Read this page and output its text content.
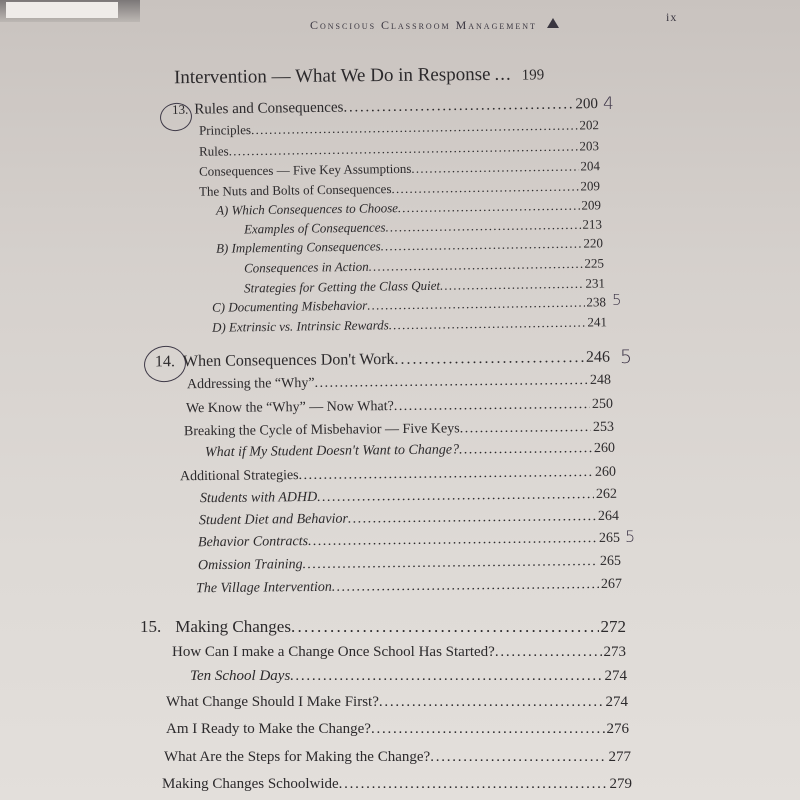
Conscious Classroom Management
ix
Intervention — What We Do in Response ... 199
13. Rules and Consequences . . .	200 4
Principles . . .	202
Rules . . .	203
Consequences — Five Key Assumptions . . .	204
The Nuts and Bolts of Consequences . . .	209
A) Which Consequences to Choose . . .	209
Examples of Consequences . . .	213
B) Implementing Consequences . . .	220
Consequences in Action . . .	225
Strategies for Getting the Class Quiet . . .	231
C) Documenting Misbehavior . . .	238 5
D) Extrinsic vs. Intrinsic Rewards . . .	241
14. When Consequences Don't Work . . .	246 5
Addressing the “Why” . . .	248
We Know the “Why” — Now What? . . .	250
Breaking the Cycle of Misbehavior — Five Keys . . .	253
What if My Student Doesn't Want to Change? . . .	260
Additional Strategies . . .	260
Students with ADHD . . .	262
Student Diet and Behavior . . .	264
Behavior Contracts . . .	265 5
Omission Training . . .	265
The Village Intervention . . .	267
15. Making Changes . . .	272
How Can I make a Change Once School Has Started? . . .	273
Ten School Days . . .	274
What Change Should I Make First? . . .	274
Am I Ready to Make the Change? . . .	276
What Are the Steps for Making the Change? . . .	277
Making Changes Schoolwide . . .	279
